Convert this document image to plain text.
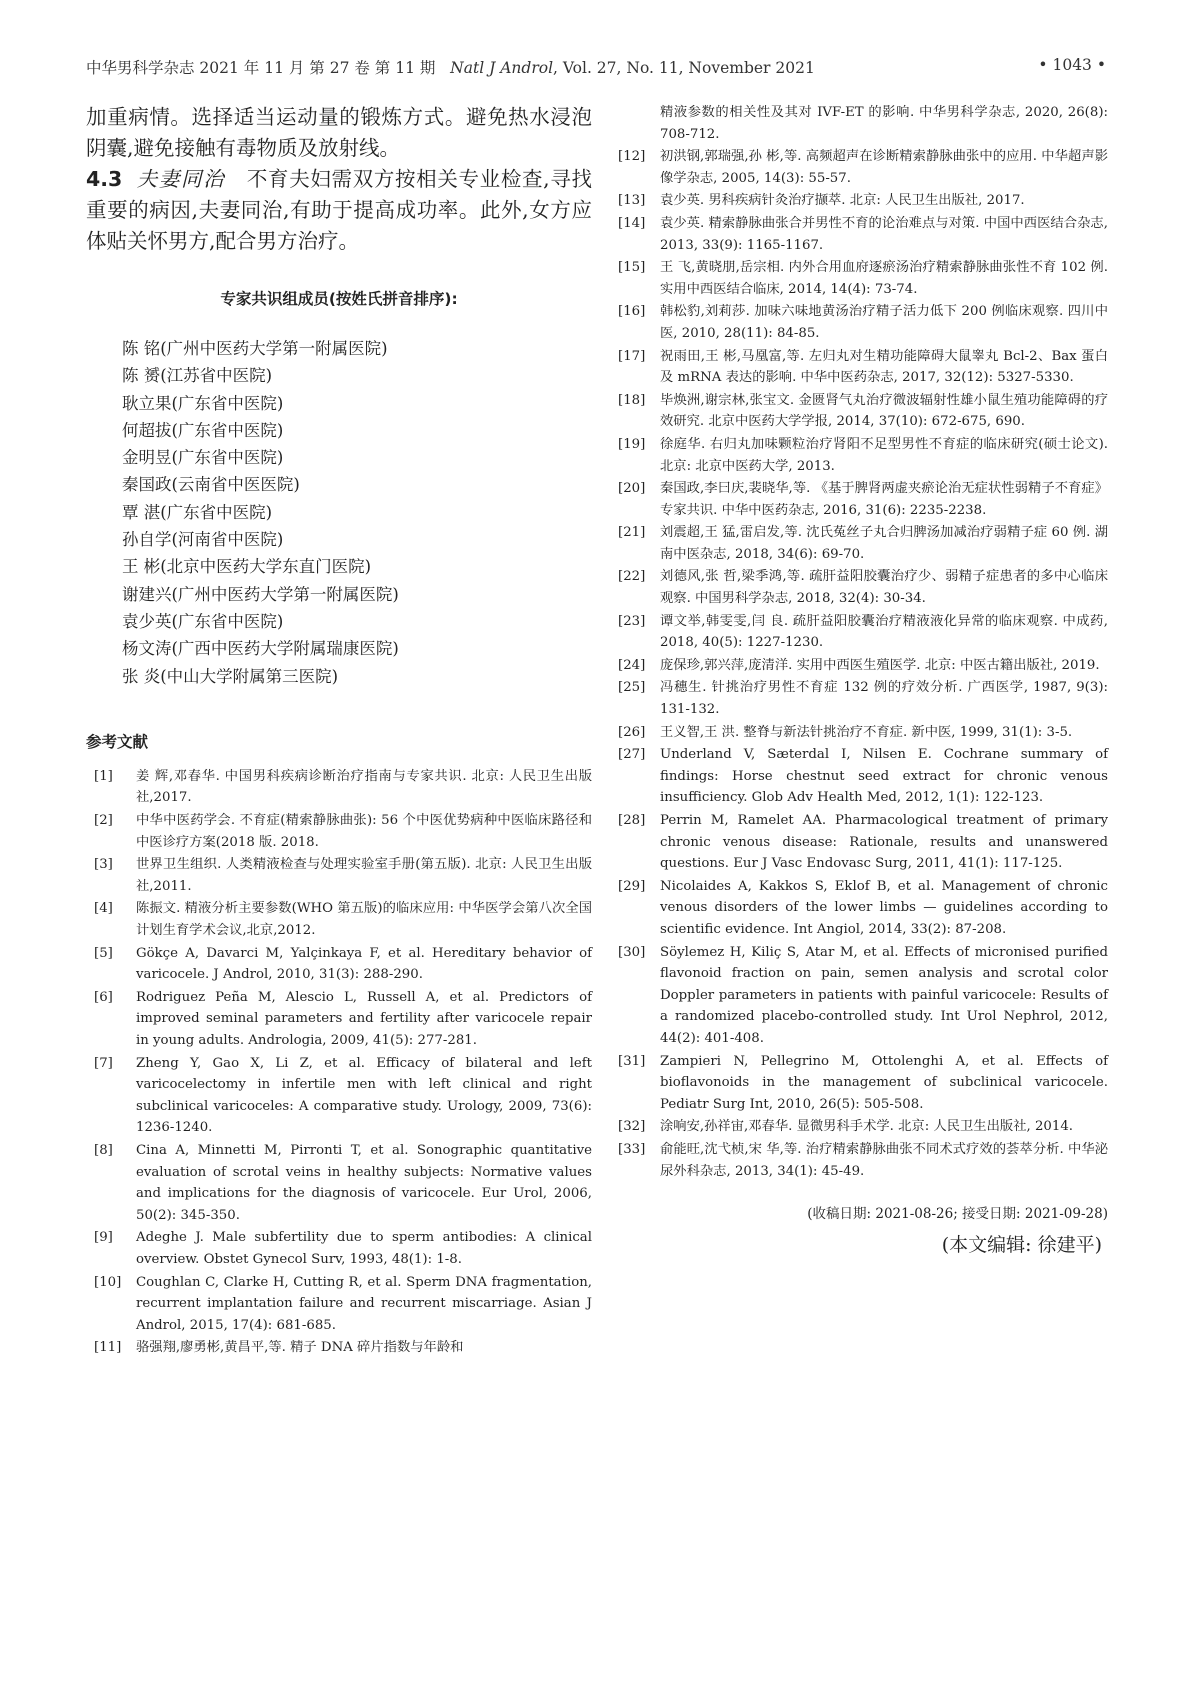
中华男科学杂志 2021 年 11 月 第 27 卷 第 11 期 Natl J Androl, Vol. 27, No. 11, November 2021	• 1043 •

加重病情。选择适当运动量的锻炼方式。避免热水浸泡阴囊,避免接触有毒物质及放射线。

4.3 夫妻同治 不育夫妇需双方按相关专业检查,寻找重要的病因,夫妻同治,有助于提高成功率。此外,女方应体贴关怀男方,配合男方治疗。

专家共识组成员(按姓氏拼音排序):
陈 铭(广州中医药大学第一附属医院)
陈 赟(江苏省中医院)
耿立果(广东省中医院)
何超拔(广东省中医院)
金明昱(广东省中医院)
秦国政(云南省中医医院)
覃 湛(广东省中医院)
孙自学(河南省中医院)
王 彬(北京中医药大学东直门医院)
谢建兴(广州中医药大学第一附属医院)
袁少英(广东省中医院)
杨文涛(广西中医药大学附属瑞康医院)
张 炎(中山大学附属第三医院)
参考文献
[1] 姜 辉,邓春华. 中国男科疾病诊断治疗指南与专家共识. 北京: 人民卫生出版社,2017.
[2] 中华中医药学会. 不育症(精索静脉曲张): 56 个中医优势病种中医临床路径和中医诊疗方案(2018 版. 2018.
[3] 世界卫生组织. 人类精液检查与处理实验室手册(第五版). 北京: 人民卫生出版社,2011.
[4] 陈振文. 精液分析主要参数(WHO 第五版)的临床应用: 中华医学会第八次全国计划生育学术会议,北京,2012.
[5] Gökçe A, Davarci M, Yalçinkaya F, et al. Hereditary behavior of varicocele. J Androl, 2010, 31(3): 288-290.
[6] Rodriguez Peña M, Alescio L, Russell A, et al. Predictors of improved seminal parameters and fertility after varicocele repair in young adults. Andrologia, 2009, 41(5): 277-281.
[7] Zheng Y, Gao X, Li Z, et al. Efficacy of bilateral and left varicocelectomy in infertile men with left clinical and right subclinical varicoceles: A comparative study. Urology, 2009, 73(6): 1236-1240.
[8] Cina A, Minnetti M, Pirronti T, et al. Sonographic quantitative evaluation of scrotal veins in healthy subjects: Normative values and implications for the diagnosis of varicocele. Eur Urol, 2006, 50(2): 345-350.
[9] Adeghe J. Male subfertility due to sperm antibodies: A clinical overview. Obstet Gynecol Surv, 1993, 48(1): 1-8.
[10] Coughlan C, Clarke H, Cutting R, et al. Sperm DNA fragmentation, recurrent implantation failure and recurrent miscarriage. Asian J Androl, 2015, 17(4): 681-685.
[11] 骆强翔,廖勇彬,黄昌平,等. 精子 DNA 碎片指数与年龄和
精液参数的相关性及其对 IVF-ET 的影响. 中华男科学杂志, 2020, 26(8): 708-712.
[12] 初洪钢,郭瑞强,孙 彬,等. 高频超声在诊断精索静脉曲张中的应用. 中华超声影像学杂志, 2005, 14(3): 55-57.
[13] 袁少英. 男科疾病针灸治疗撷萃. 北京: 人民卫生出版社, 2017.
[14] 袁少英. 精索静脉曲张合并男性不育的论治难点与对策. 中国中西医结合杂志, 2013, 33(9): 1165-1167.
[15] 王 飞,黄晓朋,岳宗相. 内外合用血府逐瘀汤治疗精索静脉曲张性不育 102 例. 实用中西医结合临床, 2014, 14(4): 73-74.
[16] 韩松豹,刘莉莎. 加味六味地黄汤治疗精子活力低下 200 例临床观察. 四川中医, 2010, 28(11): 84-85.
[17] 祝雨田,王 彬,马凰富,等. 左归丸对生精功能障碍大鼠睾丸 Bcl-2、Bax 蛋白及 mRNA 表达的影响. 中华中医药杂志, 2017, 32(12): 5327-5330.
[18] 毕焕洲,谢宗林,张宝文. 金匮肾气丸治疗微波辐射性雄小鼠生殖功能障碍的疗效研究. 北京中医药大学学报, 2014, 37(10): 672-675, 690.
[19] 徐庭华. 右归丸加味颗粒治疗肾阳不足型男性不育症的临床研究(硕士论文). 北京: 北京中医药大学, 2013.
[20] 秦国政,李曰庆,裴晓华,等. 《基于脾肾两虚夹瘀论治无症状性弱精子不育症》专家共识. 中华中医药杂志, 2016, 31(6): 2235-2238.
[21] 刘震超,王 猛,雷启发,等. 沈氏菟丝子丸合归脾汤加减治疗弱精子症 60 例. 湖南中医杂志, 2018, 34(6): 69-70.
[22] 刘德风,张 哲,梁季鸿,等. 疏肝益阳胶囊治疗少、弱精子症患者的多中心临床观察. 中国男科学杂志, 2018, 32(4): 30-34.
[23] 谭文举,韩雯雯,闫 良. 疏肝益阳胶囊治疗精液液化异常的临床观察. 中成药, 2018, 40(5): 1227-1230.
[24] 庞保珍,郭兴萍,庞清洋. 实用中西医生殖医学. 北京: 中医古籍出版社, 2019.
[25] 冯穗生. 针挑治疗男性不育症 132 例的疗效分析. 广西医学, 1987, 9(3): 131-132.
[26] 王义智,王 洪. 整脊与新法针挑治疗不育症. 新中医, 1999, 31(1): 3-5.
[27] Underland V, Sæterdal I, Nilsen E. Cochrane summary of findings: Horse chestnut seed extract for chronic venous insufficiency. Glob Adv Health Med, 2012, 1(1): 122-123.
[28] Perrin M, Ramelet AA. Pharmacological treatment of primary chronic venous disease: Rationale, results and unanswered questions. Eur J Vasc Endovasc Surg, 2011, 41(1): 117-125.
[29] Nicolaides A, Kakkos S, Eklof B, et al. Management of chronic venous disorders of the lower limbs — guidelines according to scientific evidence. Int Angiol, 2014, 33(2): 87-208.
[30] Söylemez H, Kiliç S, Atar M, et al. Effects of micronised purified flavonoid fraction on pain, semen analysis and scrotal color Doppler parameters in patients with painful varicocele: Results of a randomized placebo-controlled study. Int Urol Nephrol, 2012, 44(2): 401-408.
[31] Zampieri N, Pellegrino M, Ottolenghi A, et al. Effects of bioflavonoids in the management of subclinical varicocele. Pediatr Surg Int, 2010, 26(5): 505-508.
[32] 涂响安,孙祥宙,邓春华. 显微男科手术学. 北京: 人民卫生出版社, 2014.
[33] 俞能旺,沈弋桢,宋 华,等. 治疗精索静脉曲张不同术式疗效的荟萃分析. 中华泌尿外科杂志, 2013, 34(1): 45-49.
(收稿日期: 2021-08-26; 接受日期: 2021-09-28)
(本文编辑: 徐建平)
